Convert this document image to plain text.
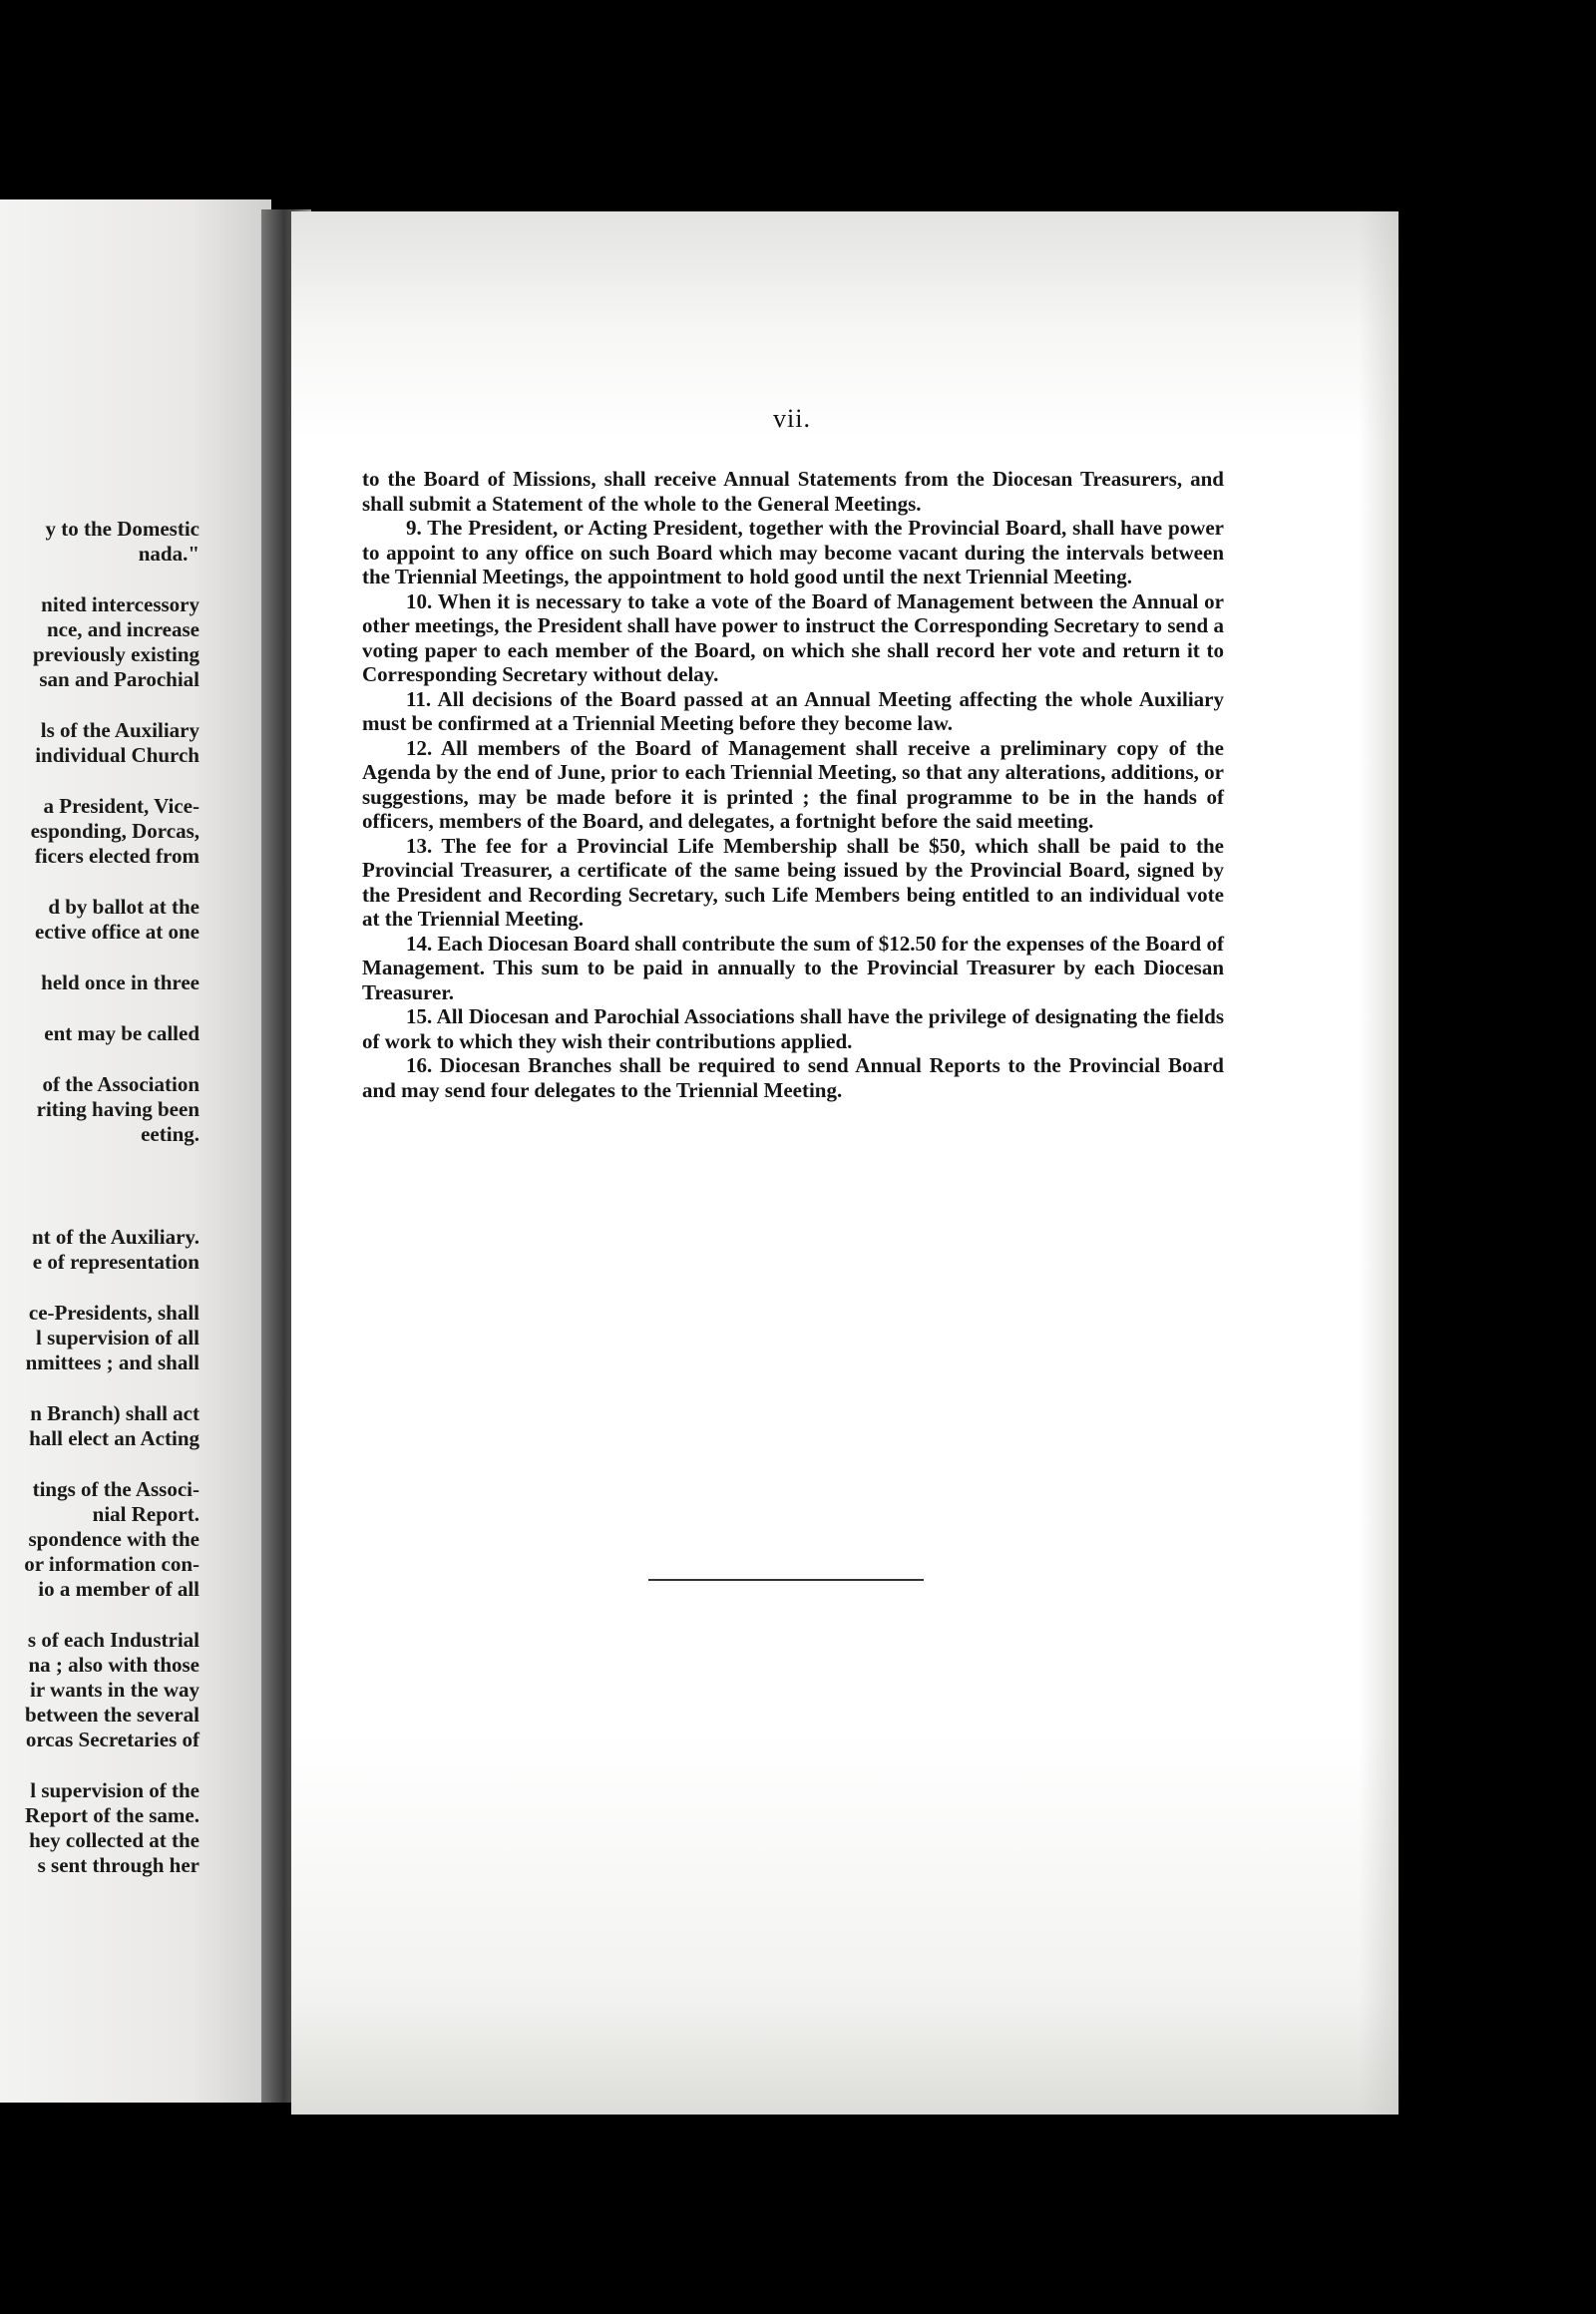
y to the Domestic
nada."
nited intercessory
nce, and increase
previously existing
san and Parochial
ls of the Auxiliary
individual Church
a President, Vice-
esponding, Dorcas,
ficers elected from
d by ballot at the
ective office at one
held once in three
ent may be called
of the Association
riting having been
eeting.
nt of the Auxiliary.
e of representation
ce-Presidents, shall
l supervision of all
nmittees ; and shall
n Branch) shall act
hall elect an Acting
tings of the Associ-
nial Report.
spondence with the
or information con-
io a member of all
s of each Industrial
na ; also with those
ir wants in the way
between the several
orcas Secretaries of
l supervision of the
Report of the same.
hey collected at the
s sent through her
vii.

to the Board of Missions, shall receive Annual Statements from the Diocesan Treasurers, and shall submit a Statement of the whole to the General Meetings.

9. The President, or Acting President, together with the Provincial Board, shall have power to appoint to any office on such Board which may become vacant during the intervals between the Triennial Meetings, the appointment to hold good until the next Triennial Meeting.

10. When it is necessary to take a vote of the Board of Management between the Annual or other meetings, the President shall have power to instruct the Corresponding Secretary to send a voting paper to each member of the Board, on which she shall record her vote and return it to Corresponding Secretary without delay.

11. All decisions of the Board passed at an Annual Meeting affecting the whole Auxiliary must be confirmed at a Triennial Meeting before they become law.

12. All members of the Board of Management shall receive a preliminary copy of the Agenda by the end of June, prior to each Triennial Meeting, so that any alterations, additions, or suggestions, may be made before it is printed ; the final programme to be in the hands of officers, members of the Board, and delegates, a fortnight before the said meeting.

13. The fee for a Provincial Life Membership shall be $50, which shall be paid to the Provincial Treasurer, a certificate of the same being issued by the Provincial Board, signed by the President and Recording Secretary, such Life Members being entitled to an individual vote at the Triennial Meeting.

14. Each Diocesan Board shall contribute the sum of $12.50 for the expenses of the Board of Management. This sum to be paid in annually to the Provincial Treasurer by each Diocesan Treasurer.

15. All Diocesan and Parochial Associations shall have the privilege of designating the fields of work to which they wish their contributions applied.

16. Diocesan Branches shall be required to send Annual Reports to the Provincial Board and may send four delegates to the Triennial Meeting.
